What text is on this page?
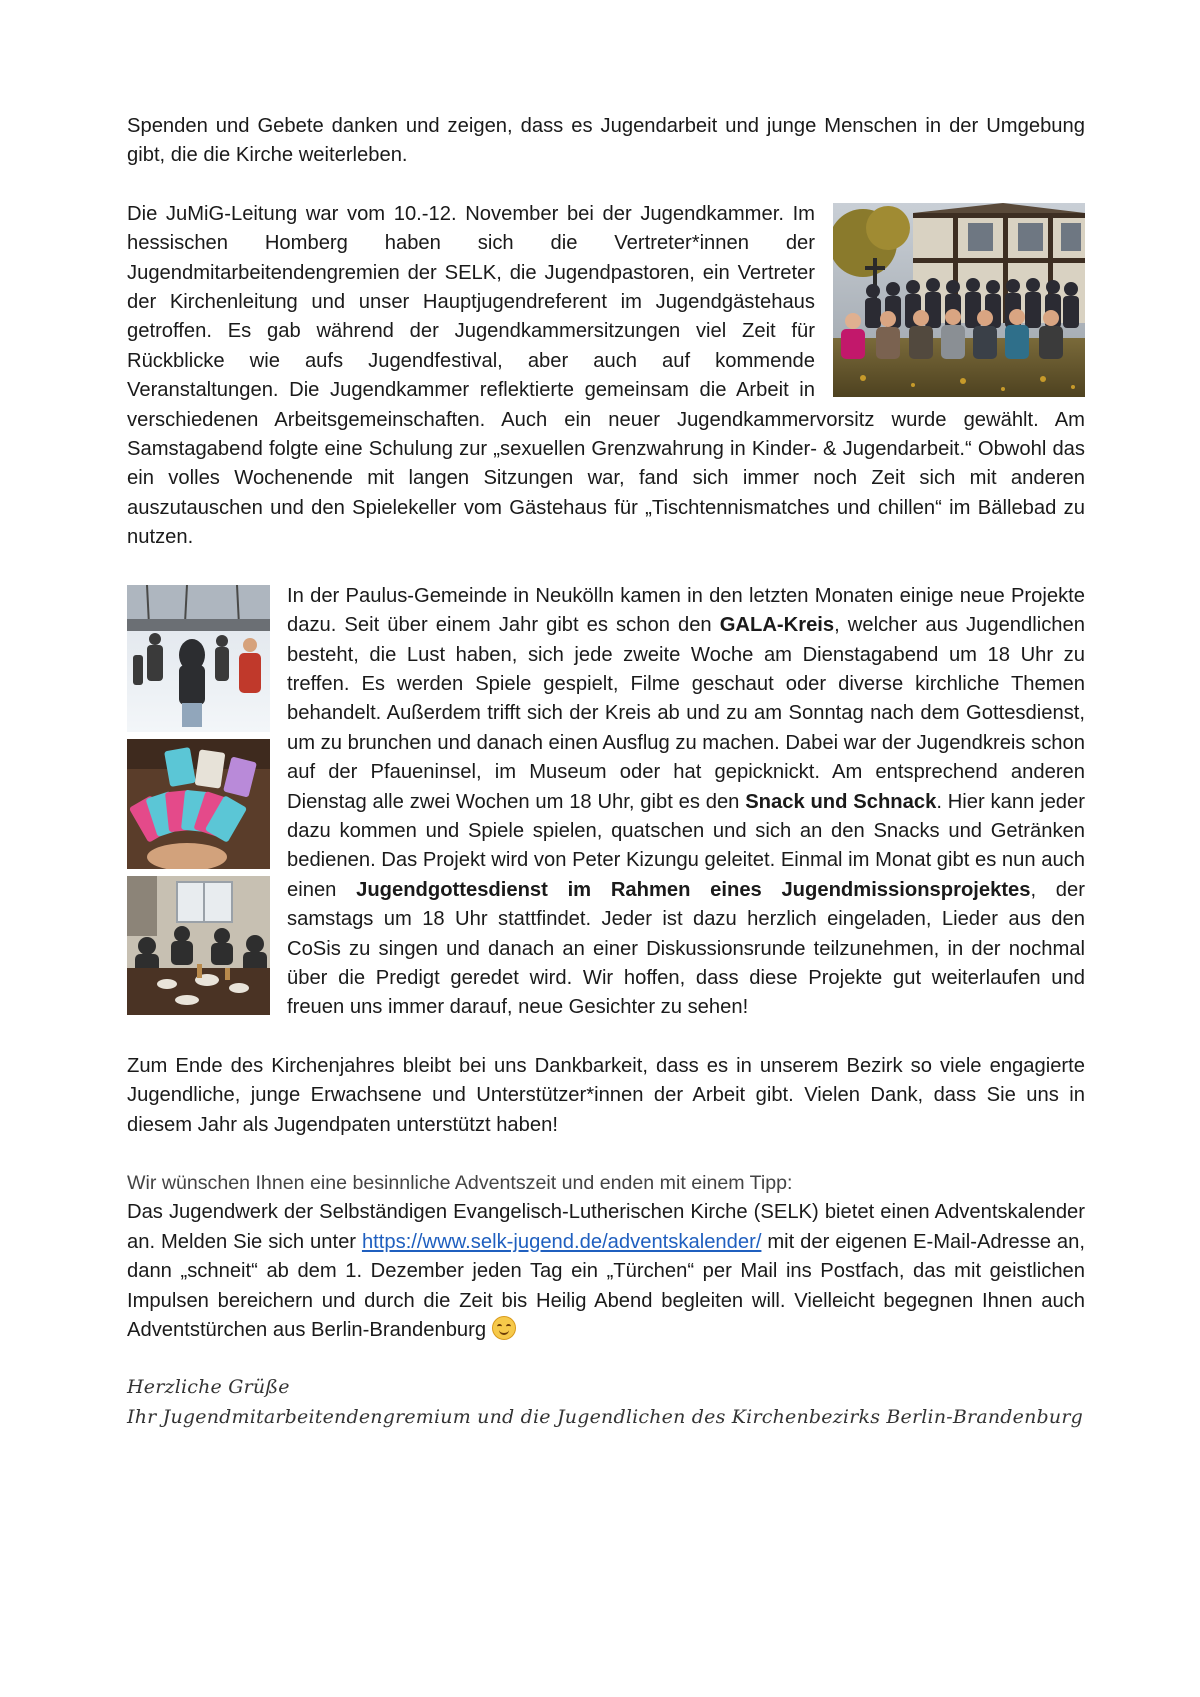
Spenden und Gebete danken und zeigen, dass es Jugendarbeit und junge Menschen in der Umgebung gibt, die die Kirche weiterleben.

Die JuMiG-Leitung war vom 10.-12. November bei der Jugendkammer. Im hessischen Homberg haben sich die Vertreter*innen der Jugendmitarbeitendengremien der SELK, die Jugendpastoren, ein Vertreter der Kirchenleitung und unser Hauptjugendreferent im Jugendgästehaus getroffen. Es gab während der Jugendkammersitzungen viel Zeit für Rückblicke wie aufs Jugendfestival, aber auch auf kommende Veranstaltungen. Die Jugendkammer reflektierte gemeinsam die Arbeit in verschiedenen Arbeitsgemeinschaften. Auch ein neuer Jugendkammervorsitz wurde gewählt. Am Samstagabend folgte eine Schulung zur „sexuellen Grenzwahrung in Kinder- & Jugendarbeit.“ Obwohl das ein volles Wochenende mit langen Sitzungen war, fand sich immer noch Zeit sich mit anderen auszutauschen und den Spielekeller vom Gästehaus für „Tischtennismatches und chillen“ im Bällebad zu nutzen.

In der Paulus-Gemeinde in Neukölln kamen in den letzten Monaten einige neue Projekte dazu. Seit über einem Jahr gibt es schon den GALA-Kreis, welcher aus Jugendlichen besteht, die Lust haben, sich jede zweite Woche am Dienstagabend um 18 Uhr zu treffen. Es werden Spiele gespielt, Filme geschaut oder diverse kirchliche Themen behandelt. Außerdem trifft sich der Kreis ab und zu am Sonntag nach dem Gottesdienst, um zu brunchen und danach einen Ausflug zu machen. Dabei war der Jugendkreis schon auf der Pfaueninsel, im Museum oder hat gepicknickt. Am entsprechend anderen Dienstag alle zwei Wochen um 18 Uhr, gibt es den Snack und Schnack. Hier kann jeder dazu kommen und Spiele spielen, quatschen und sich an den Snacks und Getränken bedienen. Das Projekt wird von Peter Kizungu geleitet. Einmal im Monat gibt es nun auch einen Jugendgottesdienst im Rahmen eines Jugendmissionsprojektes, der samstags um 18 Uhr stattfindet. Jeder ist dazu herzlich eingeladen, Lieder aus den CoSis zu singen und danach an einer Diskussionsrunde teilzunehmen, in der nochmal über die Predigt geredet wird. Wir hoffen, dass diese Projekte gut weiterlaufen und freuen uns immer darauf, neue Gesichter zu sehen!

Zum Ende des Kirchenjahres bleibt bei uns Dankbarkeit, dass es in unserem Bezirk so viele engagierte Jugendliche, junge Erwachsene und Unterstützer*innen der Arbeit gibt. Vielen Dank, dass Sie uns in diesem Jahr als Jugendpaten unterstützt haben!

Wir wünschen Ihnen eine besinnliche Adventszeit und enden mit einem Tipp:

Das Jugendwerk der Selbständigen Evangelisch-Lutherischen Kirche (SELK) bietet einen Adventskalender an. Melden Sie sich unter https://www.selk-jugend.de/adventskalender/ mit der eigenen E-Mail-Adresse an, dann „schneit“ ab dem 1. Dezember jeden Tag ein „Türchen“ per Mail ins Postfach, das mit geistlichen Impulsen bereichern und durch die Zeit bis Heilig Abend begleiten will. Vielleicht begegnen Ihnen auch Adventstürchen aus Berlin-Brandenburg

Herzliche Grüße
Ihr Jugendmitarbeitendengremium und die Jugendlichen des Kirchenbezirks Berlin-Brandenburg
